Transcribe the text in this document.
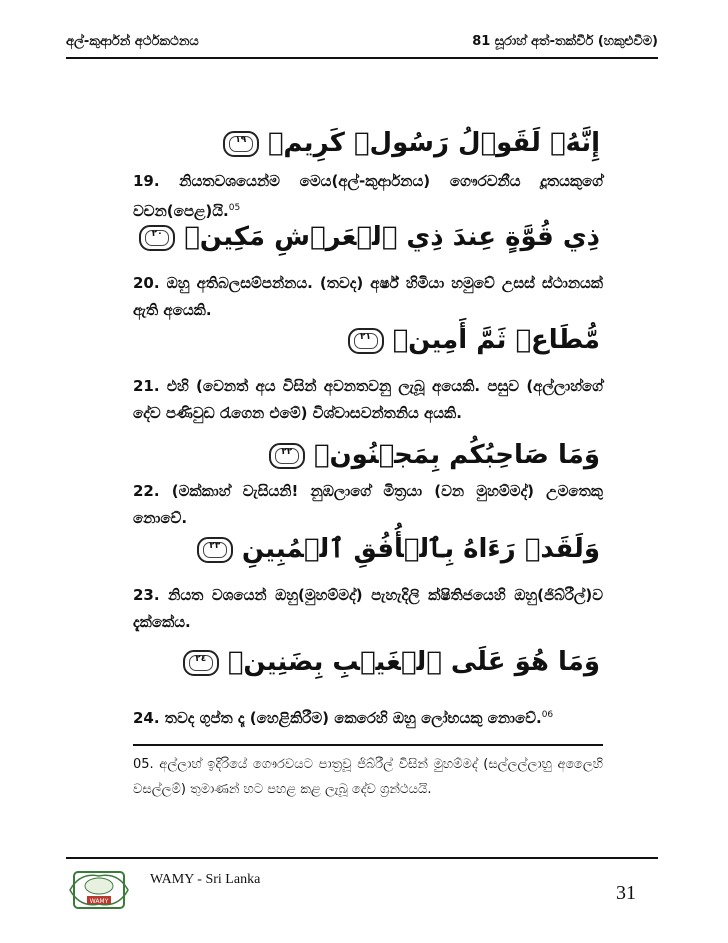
අල්-කුර්ආන් අර්ථකථනය	81 සූරාහ් අත්-තක්වීර් (හකුළුවීම)
إِنَّهُۥ لَقَوۡلُ رَسُولٖ كَرِيمٖ
١٩
19. නියතවශයෙන්ම මෙය(අල්-කුර්ආනය) ගෞරවනීය දූතයකුගේ වචන(පෙළ)යි.$^{05}$
ذِي قُوَّةٍ عِندَ ذِي ٱلۡعَرۡشِ مَكِينٖ
٢٠
20. ඔහු අතිබලසම්පන්නය. (තවද) අර්ෂ් හිමියා හමුවේ උසස් ස්ථානයක් ඇති අයෙකි.
مُّطَاعٖ ثَمَّ أَمِينٖ
٢١
21. එහි (වෙනත් අය විසින් අවනතවනු ලැබූ අයෙකි. පසුව (අල්ලාහ්ගේ දේව පණිවුඩ රැගෙන එමේ) විශ්වාසවන්තනිය අයකි.
وَمَا صَاحِبُكُم بِمَجۡنُونٖ
٢٢
22. (මක්කාහ් වැසියනි! නුඹලාගේ මිත්‍රයා (වන මුහම්මද්) උමතෙකු නොවේ.
وَلَقَدۡ رَءَاهُ بِٱلۡأُفُقِ ٱلۡمُبِينِ
٢٣
23. නියත වශයෙන් ඔහු(මුහම්මද්) පැහැදිලි ක්ෂිතිජයෙහි ඔහු(ජිබ්රීල්)ව දැක්කේය.
وَمَا هُوَ عَلَى ٱلۡغَيۡبِ بِضَنِينٖ
٢٤
24. තවද ගුප්ත දෑ (හෙළිකිරීම) කෙරෙහි ඔහු ලෝභයකු නොවේ.$^{06}$
05. අල්ලාහ් ඉදිරියේ ගෞරවයට පාත්‍රවූ ජිබ්රීල් විසින් මුහම්මද් (සල්ලල්ලාහු අලෛහි වසල්ලම්) තුමාණන් හට පහළ කළ ලැබූ දේව ග්‍රන්ථයයි.
WAMY
WAMY - Sri Lanka
31
